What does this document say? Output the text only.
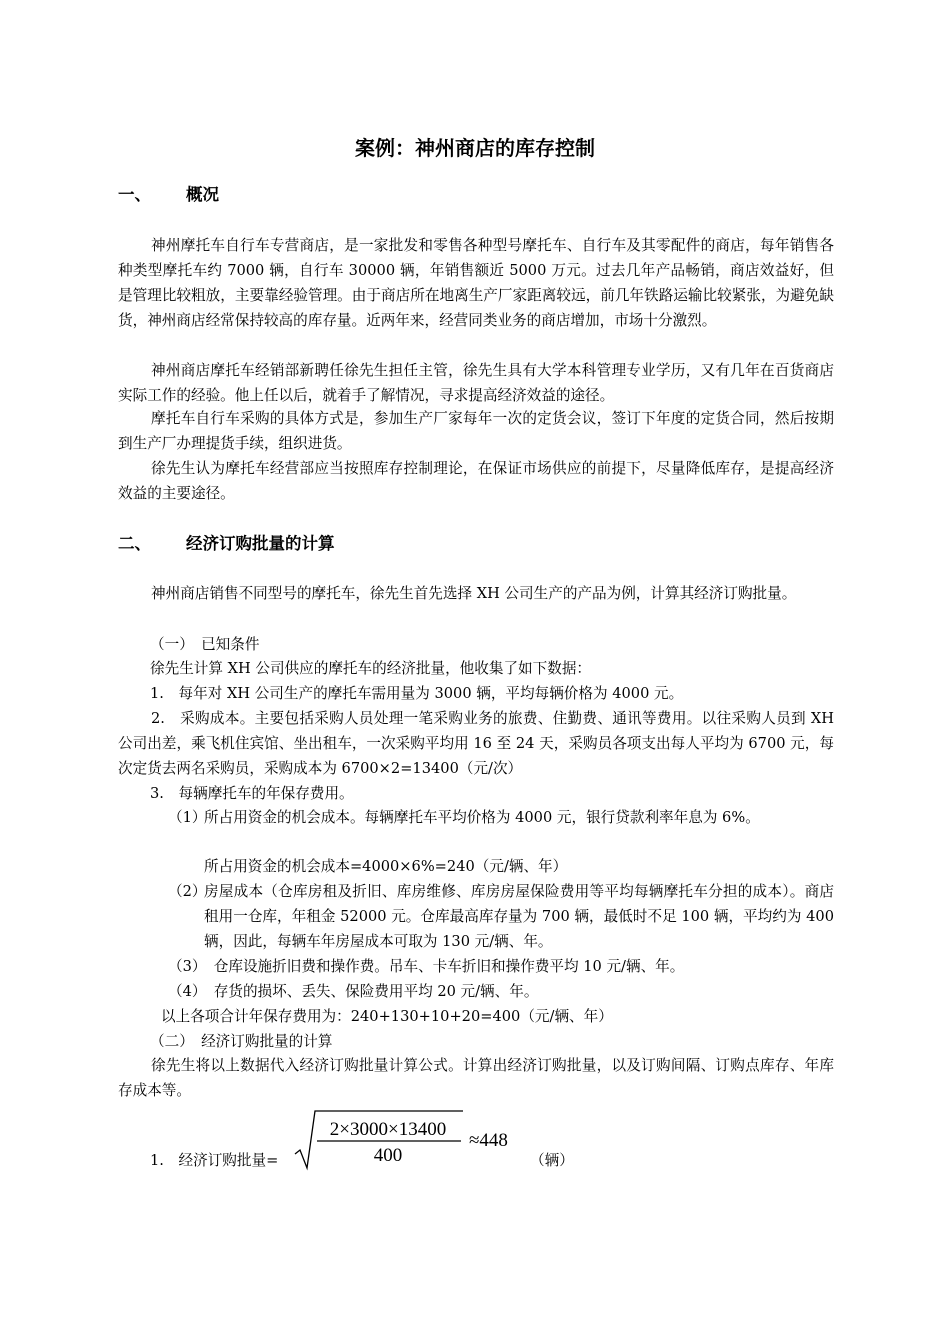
案例：神州商店的库存控制
一、 概况
神州摩托车自行车专营商店，是一家批发和零售各种型号摩托车、自行车及其零配件的商店，每年销售各种类型摩托车约 7000 辆，自行车 30000 辆，年销售额近 5000 万元。过去几年产品畅销，商店效益好，但是管理比较粗放，主要靠经验管理。由于商店所在地离生产厂家距离较远，前几年铁路运输比较紧张，为避免缺货，神州商店经常保持较高的库存量。近两年来，经营同类业务的商店增加，市场十分激烈。
神州商店摩托车经销部新聘任徐先生担任主管，徐先生具有大学本科管理专业学历，又有几年在百货商店实际工作的经验。他上任以后，就着手了解情况，寻求提高经济效益的途径。
摩托车自行车采购的具体方式是，参加生产厂家每年一次的定货会议，签订下年度的定货合同，然后按期到生产厂办理提货手续，组织进货。
徐先生认为摩托车经营部应当按照库存控制理论，在保证市场供应的前提下，尽量降低库存，是提高经济效益的主要途径。
二、 经济订购批量的计算
神州商店销售不同型号的摩托车，徐先生首先选择 XH 公司生产的产品为例，计算其经济订购批量。
（一）　已知条件
徐先生计算 XH 公司供应的摩托车的经济批量，他收集了如下数据：
1.　每年对 XH 公司生产的摩托车需用量为 3000 辆，平均每辆价格为 4000 元。
2.　采购成本。主要包括采购人员处理一笔采购业务的旅费、住勤费、通讯等费用。以往采购人员到 XH 公司出差，乘飞机住宾馆、坐出租车，一次采购平均用 16 至 24 天，采购员各项支出每人平均为 6700 元，每次定货去两名采购员，采购成本为 6700×2=13400（元/次）
3.　每辆摩托车的年保存费用。
（1）
所占用资金的机会成本。每辆摩托车平均价格为 4000 元，银行贷款利率年息为 6%。
所占用资金的机会成本=4000×6%=240（元/辆、年）
（2）
房屋成本（仓库房租及折旧、库房维修、库房房屋保险费用等平均每辆摩托车分担的成本）。商店租用一仓库，年租金 52000 元。仓库最高库存量为 700 辆，最低时不足 100 辆，平均约为 400 辆，因此，每辆车年房屋成本可取为 130 元/辆、年。
（3）　仓库设施折旧费和操作费。吊车、卡车折旧和操作费平均 10 元/辆、年。
（4）　存货的损坏、丢失、保险费用平均 20 元/辆、年。
以上各项合计年保存费用为：240+130+10+20=400（元/辆、年）
（二）　经济订购批量的计算
徐先生将以上数据代入经济订购批量计算公式。计算出经济订购批量，以及订购间隔、订购点库存、年库存成本等。
1.　经济订购批量=
2×3000×13400
400
≈448
（辆）
